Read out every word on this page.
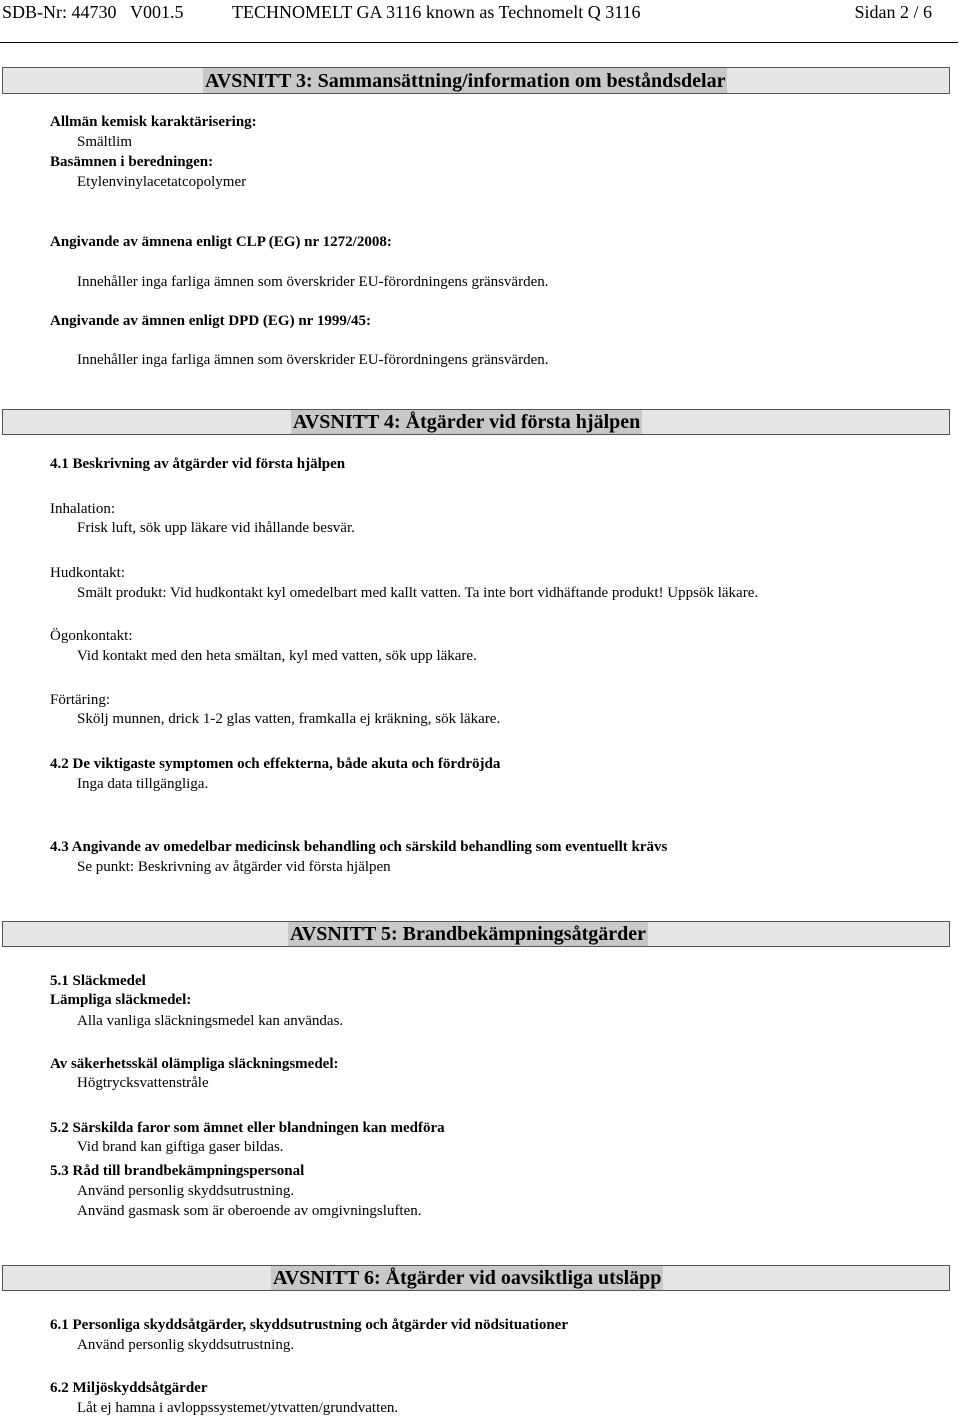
SDB-Nr: 44730 V001.5	TECHNOMELT GA 3116 known as Technomelt Q 3116	Sidan 2 / 6
AVSNITT 3: Sammansättning/information om beståndsdelar
Allmän kemisk karaktärisering:
Smältlim
Basämnen i beredningen:
Etylenvinylacetatcopolymer
Angivande av ämnena enligt CLP (EG) nr 1272/2008:
Innehåller inga farliga ämnen som överskrider EU-förordningens gränsvärden.
Angivande av ämnen enligt DPD (EG) nr 1999/45:
Innehåller inga farliga ämnen som överskrider EU-förordningens gränsvärden.
AVSNITT 4: Åtgärder vid första hjälpen
4.1 Beskrivning av åtgärder vid första hjälpen
Inhalation:
Frisk luft, sök upp läkare vid ihållande besvär.
Hudkontakt:
Smält produkt: Vid hudkontakt kyl omedelbart med kallt vatten. Ta inte bort vidhäftande produkt! Uppsök läkare.
Ögonkontakt:
Vid kontakt med den heta smältan, kyl med vatten, sök upp läkare.
Förtäring:
Skölj munnen, drick 1-2 glas vatten, framkalla ej kräkning, sök läkare.
4.2 De viktigaste symptomen och effekterna, både akuta och fördröjda
Inga data tillgängliga.
4.3 Angivande av omedelbar medicinsk behandling och särskild behandling som eventuellt krävs
Se punkt: Beskrivning av åtgärder vid första hjälpen
AVSNITT 5: Brandbekämpningsåtgärder
5.1 Släckmedel
Lämpliga släckmedel:
Alla vanliga släckningsmedel kan användas.
Av säkerhetsskäl olämpliga släckningsmedel:
Högtrycksvattenstråle
5.2 Särskilda faror som ämnet eller blandningen kan medföra
Vid brand kan giftiga gaser bildas.
5.3 Råd till brandbekämpningspersonal
Använd personlig skyddsutrustning.
Använd gasmask som är oberoende av omgivningsluften.
AVSNITT 6: Åtgärder vid oavsiktliga utsläpp
6.1 Personliga skyddsåtgärder, skyddsutrustning och åtgärder vid nödsituationer
Använd personlig skyddsutrustning.
6.2 Miljöskyddsåtgärder
Låt ej hamna i avloppssystemet/ytvatten/grundvatten.
